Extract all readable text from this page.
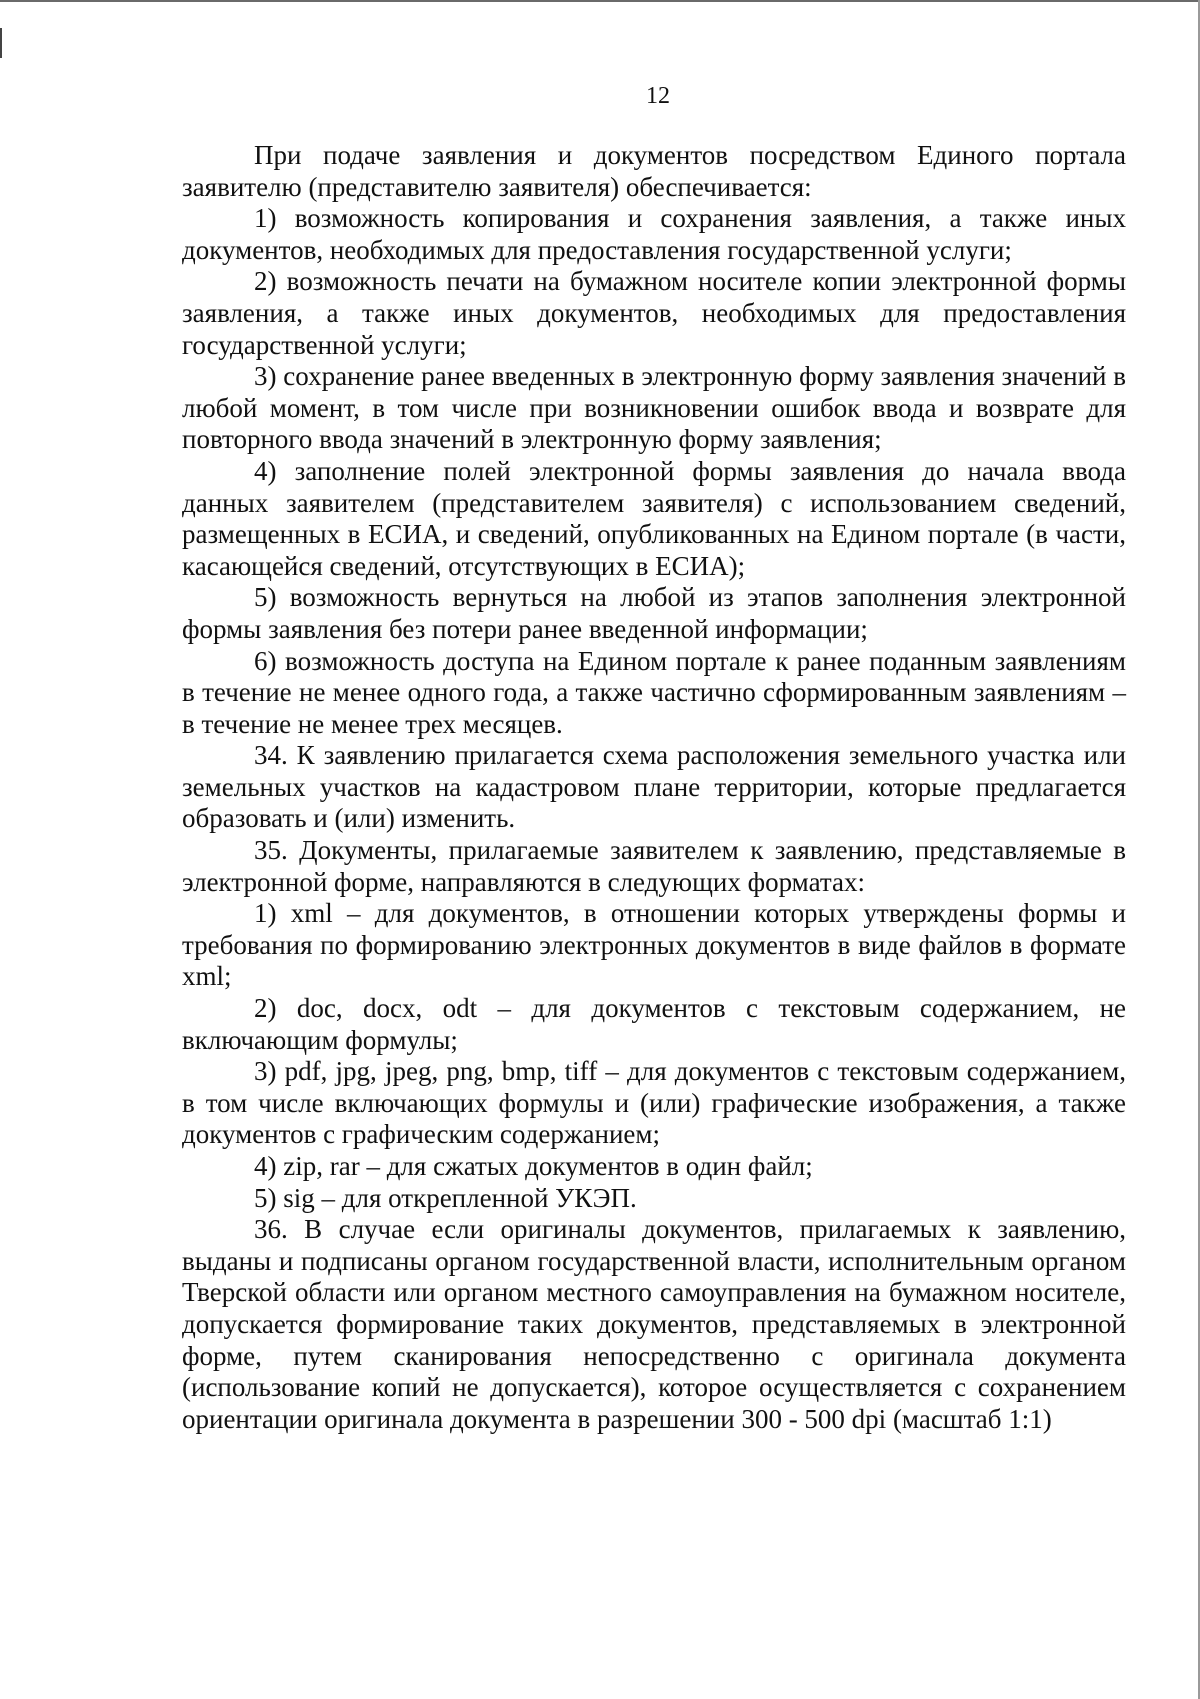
12

При подаче заявления и документов посредством Единого портала заявителю (представителю заявителя) обеспечивается:

1) возможность копирования и сохранения заявления, а также иных документов, необходимых для предоставления государственной услуги;

2) возможность печати на бумажном носителе копии электронной формы заявления, а также иных документов, необходимых для предоставления государственной услуги;

3) сохранение ранее введенных в электронную форму заявления значений в любой момент, в том числе при возникновении ошибок ввода и возврате для повторного ввода значений в электронную форму заявления;

4) заполнение полей электронной формы заявления до начала ввода данных заявителем (представителем заявителя) с использованием сведений, размещенных в ЕСИА, и сведений, опубликованных на Едином портале (в части, касающейся сведений, отсутствующих в ЕСИА);

5) возможность вернуться на любой из этапов заполнения электронной формы заявления без потери ранее введенной информации;

6) возможность доступа на Едином портале к ранее поданным заявлениям в течение не менее одного года, а также частично сформированным заявлениям – в течение не менее трех месяцев.

34. К заявлению прилагается схема расположения земельного участка или земельных участков на кадастровом плане территории, которые предлагается образовать и (или) изменить.

35. Документы, прилагаемые заявителем к заявлению, представляемые в электронной форме, направляются в следующих форматах:

1) xml – для документов, в отношении которых утверждены формы и требования по формированию электронных документов в виде файлов в формате xml;

2) doc, docx, odt – для документов с текстовым содержанием, не включающим формулы;

3) pdf, jpg, jpeg, png, bmp, tiff – для документов с текстовым содержанием, в том числе включающих формулы и (или) графические изображения, а также документов с графическим содержанием;

4) zip, rar – для сжатых документов в один файл;

5) sig – для открепленной УКЭП.

36. В случае если оригиналы документов, прилагаемых к заявлению, выданы и подписаны органом государственной власти, исполнительным органом Тверской области или органом местного самоуправления на бумажном носителе, допускается формирование таких документов, представляемых в электронной форме, путем сканирования непосредственно с оригинала документа (использование копий не допускается), которое осуществляется с сохранением ориентации оригинала документа в разрешении 300 - 500 dpi (масштаб 1:1)
